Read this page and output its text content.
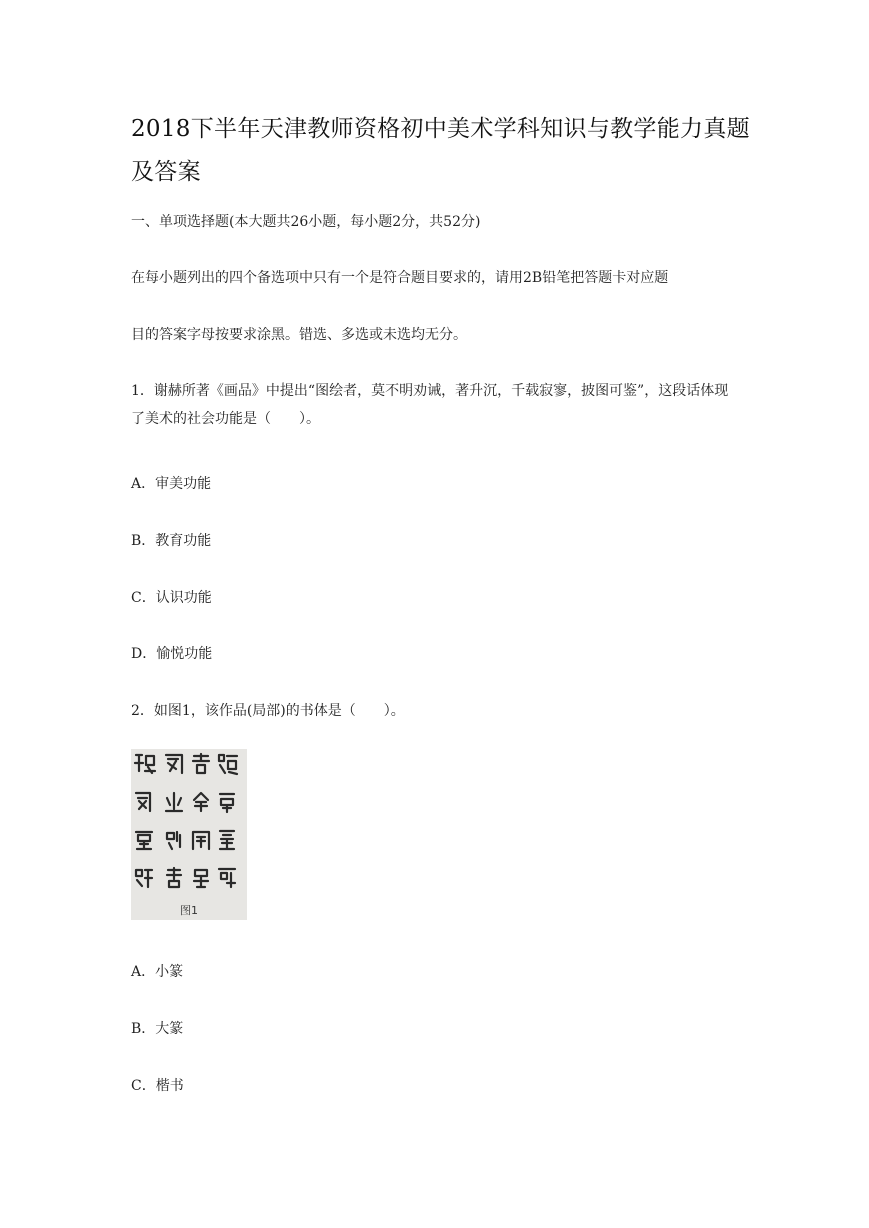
2018下半年天津教师资格初中美术学科知识与教学能力真题及答案
一、单项选择题(本大题共26小题，每小题2分，共52分)
在每小题列出的四个备选项中只有一个是符合题目要求的，请用2B铅笔把答题卡对应题
目的答案字母按要求涂黑。错选、多选或未选均无分。
1．谢赫所著《画品》中提出“图绘者，莫不明劝诫，著升沉，千载寂寥，披图可鉴”，这段话体现了美术的社会功能是（　　）。
A．审美功能
B．教育功能
C．认识功能
D．愉悦功能
2．如图1，该作品(局部)的书体是（　　）。
图1
A．小篆
B．大篆
C．楷书
